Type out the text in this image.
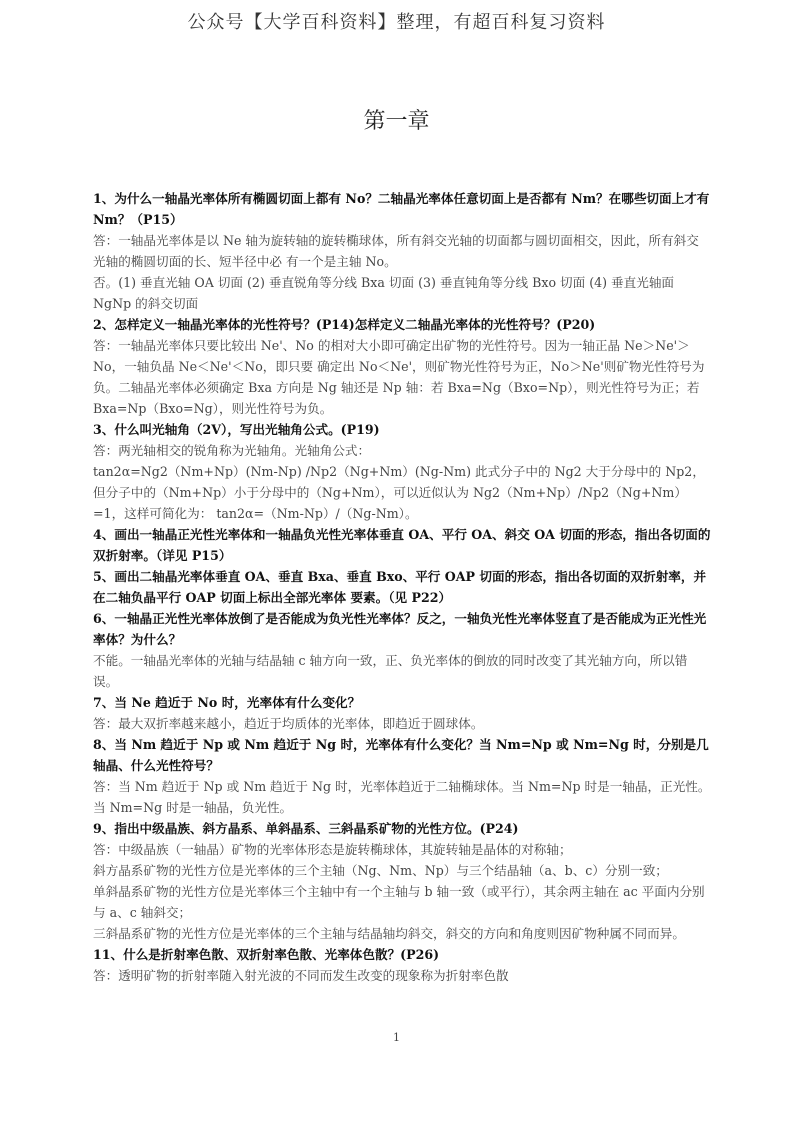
公众号【大学百科资料】整理，有超百科复习资料
第一章

1、为什么一轴晶光率体所有椭圆切面上都有 No？二轴晶光率体任意切面上是否都有 Nm？在哪些切面上才有 Nm？（P15）

答：一轴晶光率体是以 Ne 轴为旋转轴的旋转椭球体，所有斜交光轴的切面都与圆切面相交，因此，所有斜交光轴的椭圆切面的长、短半径中必 有一个是主轴 No。

否。(1) 垂直光轴 OA 切面 (2) 垂直锐角等分线 Bxa 切面 (3) 垂直钝角等分线 Bxo 切面 (4) 垂直光轴面 NgNp 的斜交切面

2、怎样定义一轴晶光率体的光性符号？(P14)怎样定义二轴晶光率体的光性符号？(P20)

答：一轴晶光率体只要比较出 Ne'、No 的相对大小即可确定出矿物的光性符号。因为一轴正晶 Ne＞Ne'＞No，一轴负晶 Ne＜Ne'＜No，即只要 确定出 No＜Ne'，则矿物光性符号为正，No＞Ne'则矿物光性符号为负。二轴晶光率体必须确定 Bxa 方向是 Ng 轴还是 Np 轴：若 Bxa=Ng（Bxo=Np），则光性符号为正；若 Bxa=Np（Bxo=Ng），则光性符号为负。

3、什么叫光轴角（2V），写出光轴角公式。(P19)

答：两光轴相交的锐角称为光轴角。光轴角公式：

tan2α=Ng2（Nm+Np）(Nm-Np) /Np2（Ng+Nm）(Ng-Nm) 此式分子中的 Ng2 大于分母中的 Np2，但分子中的（Nm+Np）小于分母中的（Ng+Nm），可以近似认为 Ng2（Nm+Np）/Np2（Ng+Nm）=1，这样可简化为： tan2α=（Nm-Np）/（Ng-Nm）。

4、画出一轴晶正光性光率体和一轴晶负光性光率体垂直 OA、平行 OA、斜交 OA 切面的形态，指出各切面的双折射率。（详见 P15）

5、画出二轴晶光率体垂直 OA、垂直 Bxa、垂直 Bxo、平行 OAP 切面的形态，指出各切面的双折射率，并在二轴负晶平行 OAP 切面上标出全部光率体 要素。（见 P22）

6、一轴晶正光性光率体放倒了是否能成为负光性光率体？反之，一轴负光性光率体竖直了是否能成为正光性光率体？为什么？

不能。一轴晶光率体的光轴与结晶轴 c 轴方向一致，正、负光率体的倒放的同时改变了其光轴方向，所以错误。

7、当 Ne 趋近于 No 时，光率体有什么变化？

答：最大双折率越来越小，趋近于均质体的光率体，即趋近于圆球体。

8、当 Nm 趋近于 Np 或 Nm 趋近于 Ng 时，光率体有什么变化？当 Nm=Np 或 Nm=Ng 时，分别是几轴晶、什么光性符号？

答：当 Nm 趋近于 Np 或 Nm 趋近于 Ng 时，光率体趋近于二轴椭球体。当 Nm=Np 时是一轴晶，正光性。当 Nm=Ng 时是一轴晶，负光性。

9、指出中级晶族、斜方晶系、单斜晶系、三斜晶系矿物的光性方位。(P24)

答：中级晶族（一轴晶）矿物的光率体形态是旋转椭球体，其旋转轴是晶体的对称轴；

斜方晶系矿物的光性方位是光率体的三个主轴（Ng、Nm、Np）与三个结晶轴（a、b、c）分别一致；

单斜晶系矿物的光性方位是光率体三个主轴中有一个主轴与 b 轴一致（或平行），其余两主轴在 ac 平面内分别与 a、c 轴斜交；

三斜晶系矿物的光性方位是光率体的三个主轴与结晶轴均斜交，斜交的方向和角度则因矿物种属不同而异。

11、什么是折射率色散、双折射率色散、光率体色散？(P26)

答：透明矿物的折射率随入射光波的不同而发生改变的现象称为折射率色散

1
